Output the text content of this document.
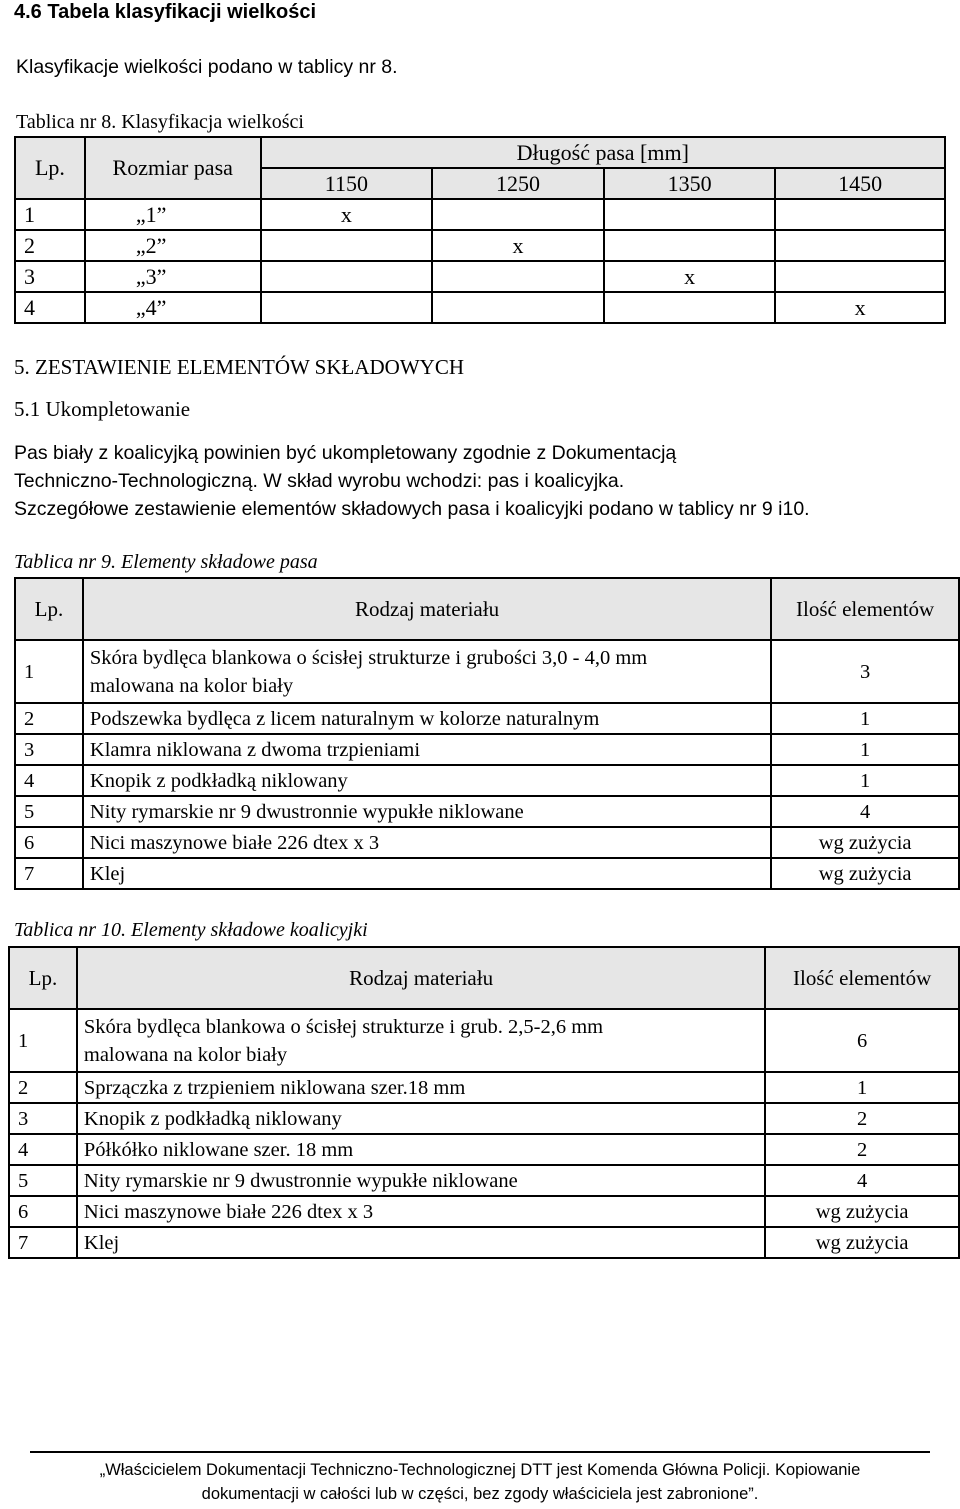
4.6 Tabela klasyfikacji wielkości
Klasyfikacje wielkości podano w tablicy nr 8.
Tablica nr 8. Klasyfikacja wielkości
Lp.	Rozmiar pasa	Długość pasa [mm]			
		1150	1250	1350	1450
1	„1”	x			
2	„2”		x		
3	„3”			x	
4	„4”				x
5. ZESTAWIENIE ELEMENTÓW SKŁADOWYCH
5.1 Ukompletowanie
Pas biały z koalicyjką powinien być ukompletowany zgodnie z Dokumentacją
Techniczno-Technologiczną. W skład wyrobu wchodzi: pas i koalicyjka.
Szczegółowe zestawienie elementów składowych pasa i koalicyjki podano w tablicy nr 9 i10.
Tablica nr 9. Elementy składowe pasa
Lp.	Rodzaj materiału	Ilość elementów
1	Skóra bydlęca blankowa o ścisłej strukturze i grubości 3,0 - 4,0 mm
malowana na kolor biały	3
2	Podszewka bydlęca z licem naturalnym w kolorze naturalnym	1
3	Klamra niklowana z dwoma trzpieniami	1
4	Knopik z podkładką niklowany	1
5	Nity rymarskie nr 9 dwustronnie wypukłe niklowane	4
6	Nici maszynowe białe 226 dtex x 3	wg zużycia
7	Klej	wg zużycia
Tablica nr 10. Elementy składowe koalicyjki
Lp.	Rodzaj materiału	Ilość elementów
1	Skóra bydlęca blankowa o ścisłej strukturze i grub. 2,5-2,6 mm
malowana na kolor biały	6
2	Sprzączka z trzpieniem niklowana szer.18 mm	1
3	Knopik z podkładką niklowany	2
4	Półkółko niklowane szer. 18 mm	2
5	Nity rymarskie nr 9 dwustronnie wypukłe niklowane	4
6	Nici maszynowe białe 226 dtex x 3	wg zużycia
7	Klej	wg zużycia
„Właścicielem Dokumentacji Techniczno-Technologicznej DTT jest Komenda Główna Policji. Kopiowanie
dokumentacji w całości lub w części, bez zgody właściciela jest zabronione”.
